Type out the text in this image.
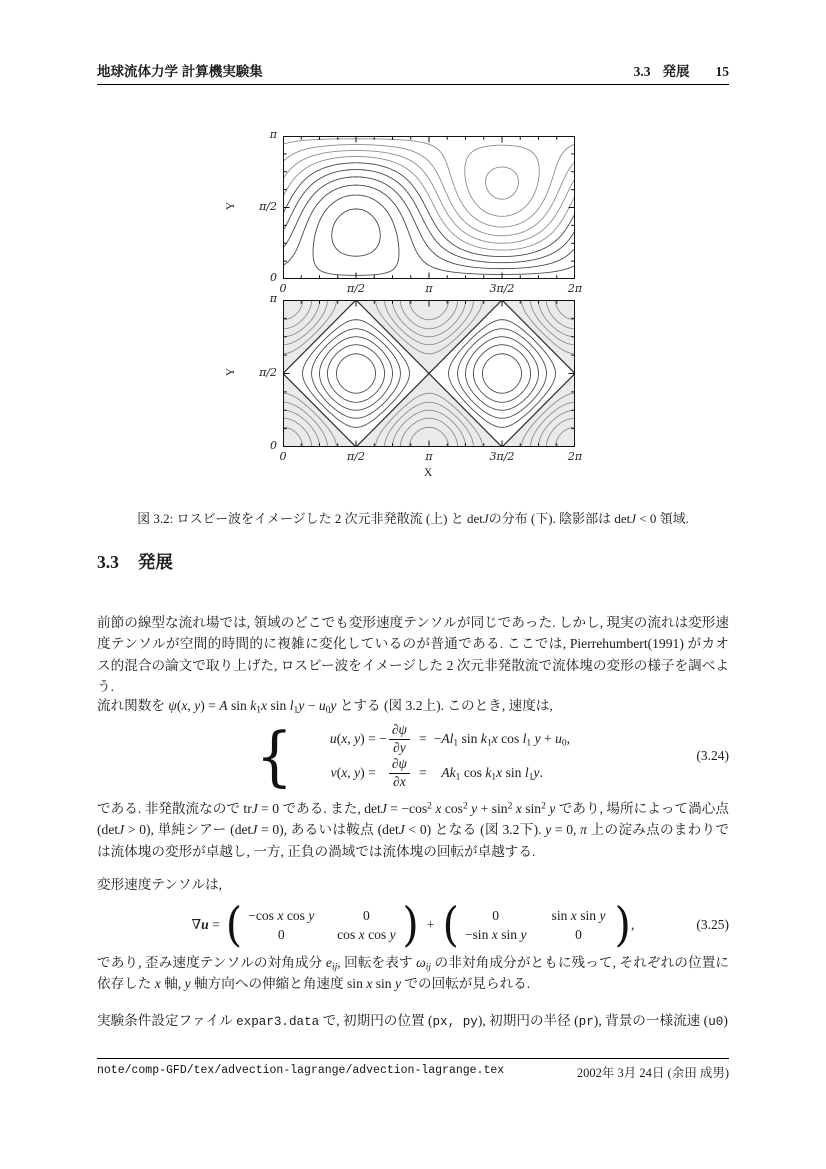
地球流体力学 計算機実験集	3.3 発展 15
0	π/2	π	3π/2	2π
0
π/2
π
Y
0	π/2	π	3π/2	2π
0
π/2
π
Y
X
図 3.2: ロスビー波をイメージした 2 次元非発散流 (上) と detJの分布 (下). 陰影部は detJ < 0 領域.
3.3 発展
前節の線型な流れ場では, 領域のどこでも変形速度テンソルが同じであった. しかし, 現実の流れは変形速度テンソルが空間的時間的に複雑に変化しているのが普通である. ここでは, Pierrehumbert(1991) がカオス的混合の論文で取り上げた, ロスビー波をイメージした 2 次元非発散流で流体塊の変形の様子を調べよう.
流れ関数を ψ(x, y) = A $\sin k_1x$ $\sin l_1y - u_0y$ とする (図 3.2上). このとき, 速度は,
{	u(x, y) = − $\frac{\partial\psi}{\partial y} = -Al_1$ $\sin k_1x$ $\cos l_1$ $y + u_0$,
v(x, $y) = \frac{\partial\psi}{\partial x}$ =	$Ak_1$ $\cos k_1x$ $\sin l_1y$.
(3.24)
である. 非発散流なので trJ = 0 である. また, $\det J = -\cos^2$ x $\cos^2 y + \sin^2 x$ $\sin^2 y$ であり, 場所によって渦心点 (detJ > 0), 単純シアー (detJ = 0), あるいは鞍点 (detJ < 0) となる (図 3.2下). y = 0, π 上の淀み点のまわりでは流体塊の変形が卓越し, 一方, 正負の渦域では流体塊の回転が卓越する.
変形速度テンソルは,
∇u = ( −cos x cos y	0
0	cos x cos y ) + (	0	sin x sin y
−sin x sin y	0 ) ,	(3.25)
であり, 歪み速度テンソルの対角成分 $e_{ij}$, 回転を表す $\omega_{ij}$ の非対角成分がともに残って, それぞれの位置に依存した x 軸, y 軸方向への伸縮と角速度 sin x sin y での回転が見られる.
実験条件設定ファイル expar3.data で, 初期円の位置 (px, py), 初期円の半径 (pr), 背景の一様流速 (u0)
note/comp-GFD/tex/advection-lagrange/advection-lagrange.tex	2002年 3月 24日 (余田 成男)
